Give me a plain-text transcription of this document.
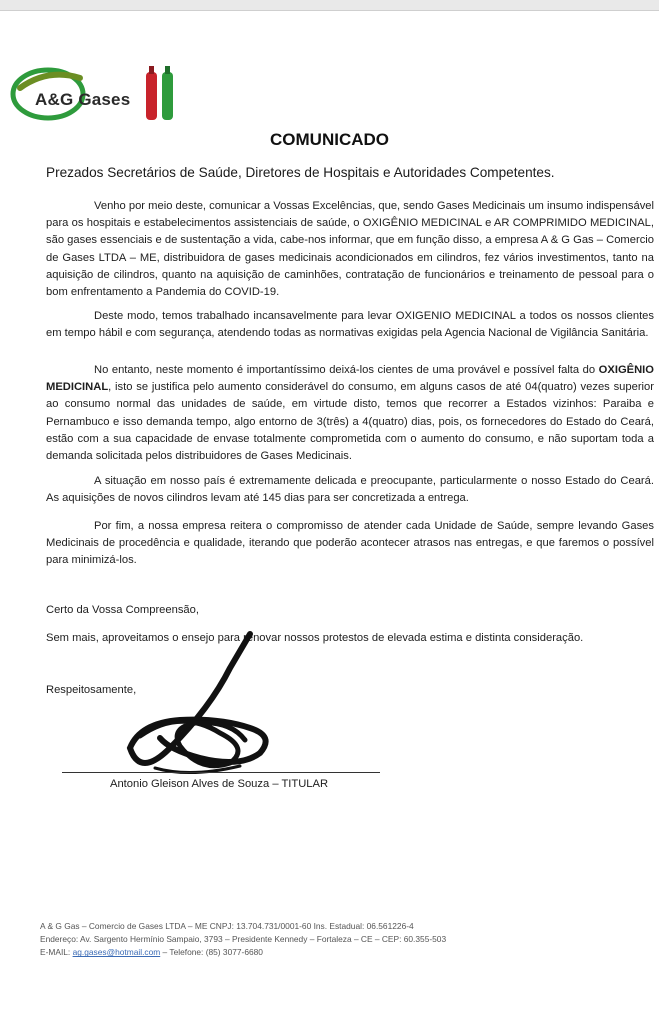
A&G Gases
COMUNICADO

Prezados Secretários de Saúde, Diretores de Hospitais e Autoridades Competentes.

Venho por meio deste, comunicar a Vossas Excelências, que, sendo Gases Medicinais um insumo indispensável para os hospitais e estabelecimentos assistenciais de saúde, o OXIGÊNIO MEDICINAL e AR COMPRIMIDO MEDICINAL, são gases essenciais e de sustentação a vida, cabe-nos informar, que em função disso, a empresa A & G Gas – Comercio de Gases LTDA – ME, distribuidora de gases medicinais acondicionados em cilindros, fez vários investimentos, tanto na aquisição de cilindros, quanto na aquisição de caminhões, contratação de funcionários e treinamento de pessoal para o bom enfrentamento a Pandemia do COVID-19.

Deste modo, temos trabalhado incansavelmente para levar OXIGENIO MEDICINAL a todos os nossos clientes em tempo hábil e com segurança, atendendo todas as normativas exigidas pela Agencia Nacional de Vigilância Sanitária.

No entanto, neste momento é importantíssimo deixá-los cientes de uma provável e possível falta do OXIGÊNIO MEDICINAL, isto se justifica pelo aumento considerável do consumo, em alguns casos de até 04(quatro) vezes superior ao consumo normal das unidades de saúde, em virtude disto, temos que recorrer a Estados vizinhos: Paraiba e Pernambuco e isso demanda tempo, algo entorno de 3(três) a 4(quatro) dias, pois, os fornecedores do Estado do Ceará, estão com a sua capacidade de envase totalmente comprometida com o aumento do consumo, e não suportam toda a demanda solicitada pelos distribuidores de Gases Medicinais.

A situação em nosso país é extremamente delicada e preocupante, particularmente o nosso Estado do Ceará. As aquisições de novos cilindros levam até 145 dias para ser concretizada a entrega.

Por fim, a nossa empresa reitera o compromisso de atender cada Unidade de Saúde, sempre levando Gases Medicinais de procedência e qualidade, iterando que poderão acontecer atrasos nas entregas, e que faremos o possível para minimizá-los.

Certo da Vossa Compreensão,

Sem mais, aproveitamos o ensejo para renovar nossos protestos de elevada estima e distinta consideração.

Respeitosamente,

Antonio Gleison Alves de Souza – TITULAR

A & G Gas – Comercio de Gases LTDA – ME CNPJ: 13.704.731/0001-60 Ins. Estadual: 06.561226-4
Endereço: Av. Sargento Hermínio Sampaio, 3793 – Presidente Kennedy – Fortaleza – CE – CEP: 60.355-503
E-MAIL: ag.gases@hotmail.com – Telefone: (85) 3077-6680
